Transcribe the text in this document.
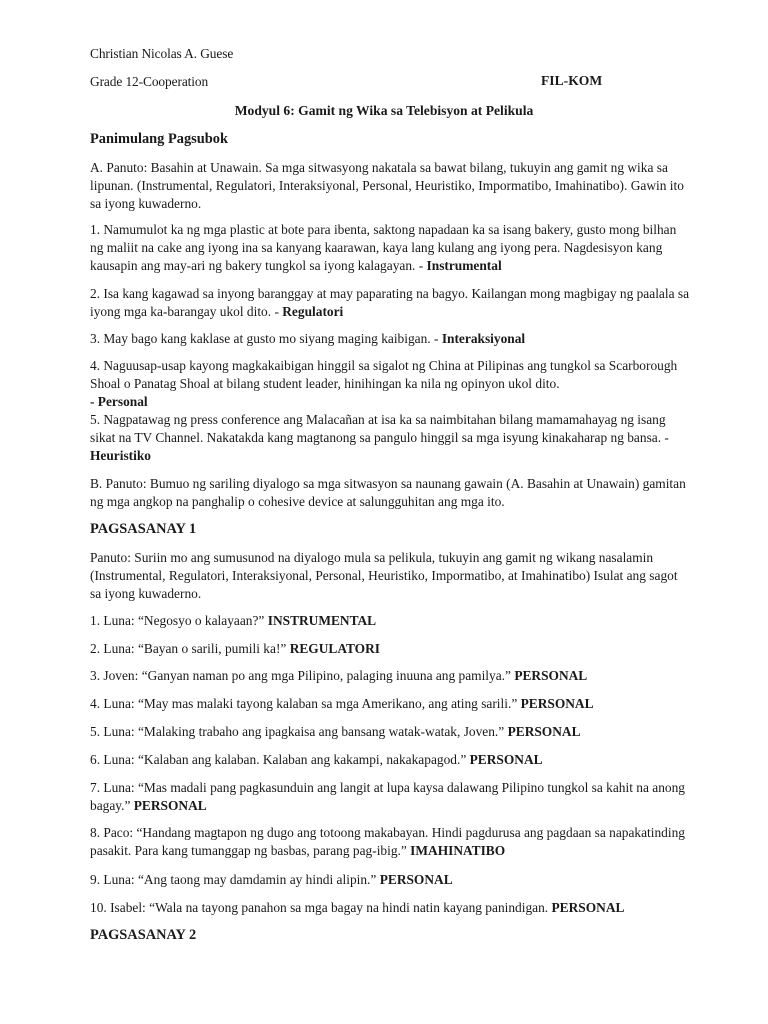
Christian Nicolas A. Guese
Grade 12-Cooperation	FIL-KOM
Modyul 6: Gamit ng Wika sa Telebisyon at Pelikula
Panimulang Pagsubok
A. Panuto: Basahin at Unawain. Sa mga sitwasyong nakatala sa bawat bilang, tukuyin ang gamit ng wika sa lipunan. (Instrumental, Regulatori, Interaksiyonal, Personal, Heuristiko, Impormatibo, Imahinatibo). Gawin ito sa iyong kuwaderno.
1. Namumulot ka ng mga plastic at bote para ibenta, saktong napadaan ka sa isang bakery, gusto mong bilhan ng maliit na cake ang iyong ina sa kanyang kaarawan, kaya lang kulang ang iyong pera. Nagdesisyon kang kausapin ang may-ari ng bakery tungkol sa iyong kalagayan. - Instrumental
2. Isa kang kagawad sa inyong baranggay at may paparating na bagyo. Kailangan mong magbigay ng paalala sa iyong mga ka-barangay ukol dito. - Regulatori
3. May bago kang kaklase at gusto mo siyang maging kaibigan. - Interaksiyonal
4. Naguusap-usap kayong magkakaibigan hinggil sa sigalot ng China at Pilipinas ang tungkol sa Scarborough Shoal o Panatag Shoal at bilang student leader, hinihingan ka nila ng opinyon ukol dito.
- Personal
5. Nagpatawag ng press conference ang Malacañan at isa ka sa naimbitahan bilang mamamahayag ng isang sikat na TV Channel. Nakatakda kang magtanong sa pangulo hinggil sa mga isyung kinakaharap ng bansa. - Heuristiko
B. Panuto: Bumuo ng sariling diyalogo sa mga sitwasyon sa naunang gawain (A. Basahin at Unawain) gamitan ng mga angkop na panghalip o cohesive device at salungguhitan ang mga ito.
PAGSASANAY 1
Panuto: Suriin mo ang sumusunod na diyalogo mula sa pelikula, tukuyin ang gamit ng wikang nasalamin (Instrumental, Regulatori, Interaksiyonal, Personal, Heuristiko, Impormatibo, at Imahinatibo) Isulat ang sagot sa iyong kuwaderno.
1. Luna: “Negosyo o kalayaan?” INSTRUMENTAL
2. Luna: “Bayan o sarili, pumili ka!” REGULATORI
3. Joven: “Ganyan naman po ang mga Pilipino, palaging inuuna ang pamilya.” PERSONAL
4. Luna: “May mas malaki tayong kalaban sa mga Amerikano, ang ating sarili.” PERSONAL
5. Luna: “Malaking trabaho ang ipagkaisa ang bansang watak-watak, Joven.” PERSONAL
6. Luna: “Kalaban ang kalaban. Kalaban ang kakampi, nakakapagod.” PERSONAL
7. Luna: “Mas madali pang pagkasunduin ang langit at lupa kaysa dalawang Pilipino tungkol sa kahit na anong bagay.” PERSONAL
8. Paco: “Handang magtapon ng dugo ang totoong makabayan. Hindi pagdurusa ang pagdaan sa napakatinding pasakit. Para kang tumanggap ng basbas, parang pag-ibig.” IMAHINATIBO
9. Luna: “Ang taong may damdamin ay hindi alipin.” PERSONAL
10. Isabel: “Wala na tayong panahon sa mga bagay na hindi natin kayang panindigan. PERSONAL
PAGSASANAY 2
